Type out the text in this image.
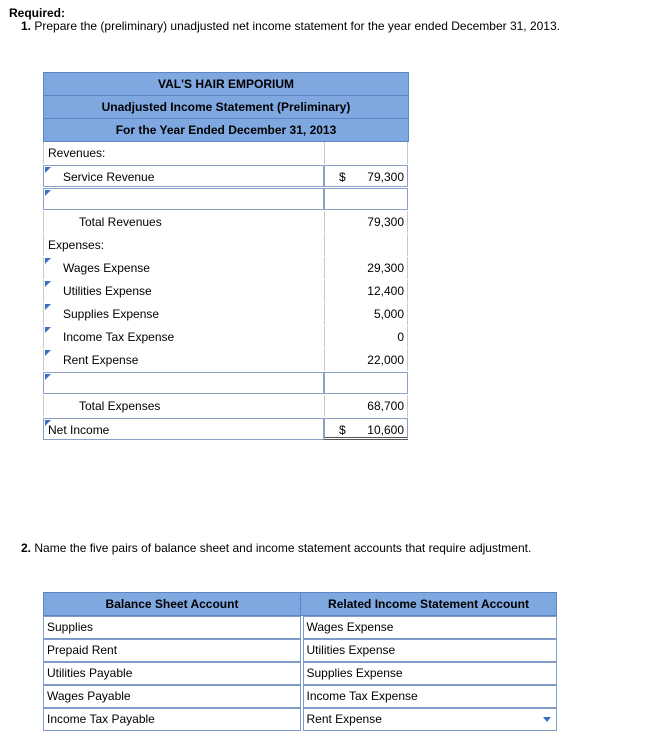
Required:
1. Prepare the (preliminary) unadjusted net income statement for the year ended December 31, 2013.
VAL'S HAIR EMPORIUM
Unadjusted Income Statement (Preliminary)
For the Year Ended December 31, 2013
Revenues:
Service Revenue	$ 79,300
Total Revenues	79,300
Expenses:
Wages Expense	29,300
Utilities Expense	12,400
Supplies Expense	5,000
Income Tax Expense	0
Rent Expense	22,000
Total Expenses	68,700
Net Income	$ 10,600
2. Name the five pairs of balance sheet and income statement accounts that require adjustment.
Balance Sheet Account	Related Income Statement Account
Supplies	Wages Expense
Prepaid Rent	Utilities Expense
Utilities Payable	Supplies Expense
Wages Payable	Income Tax Expense
Income Tax Payable	Rent Expense
